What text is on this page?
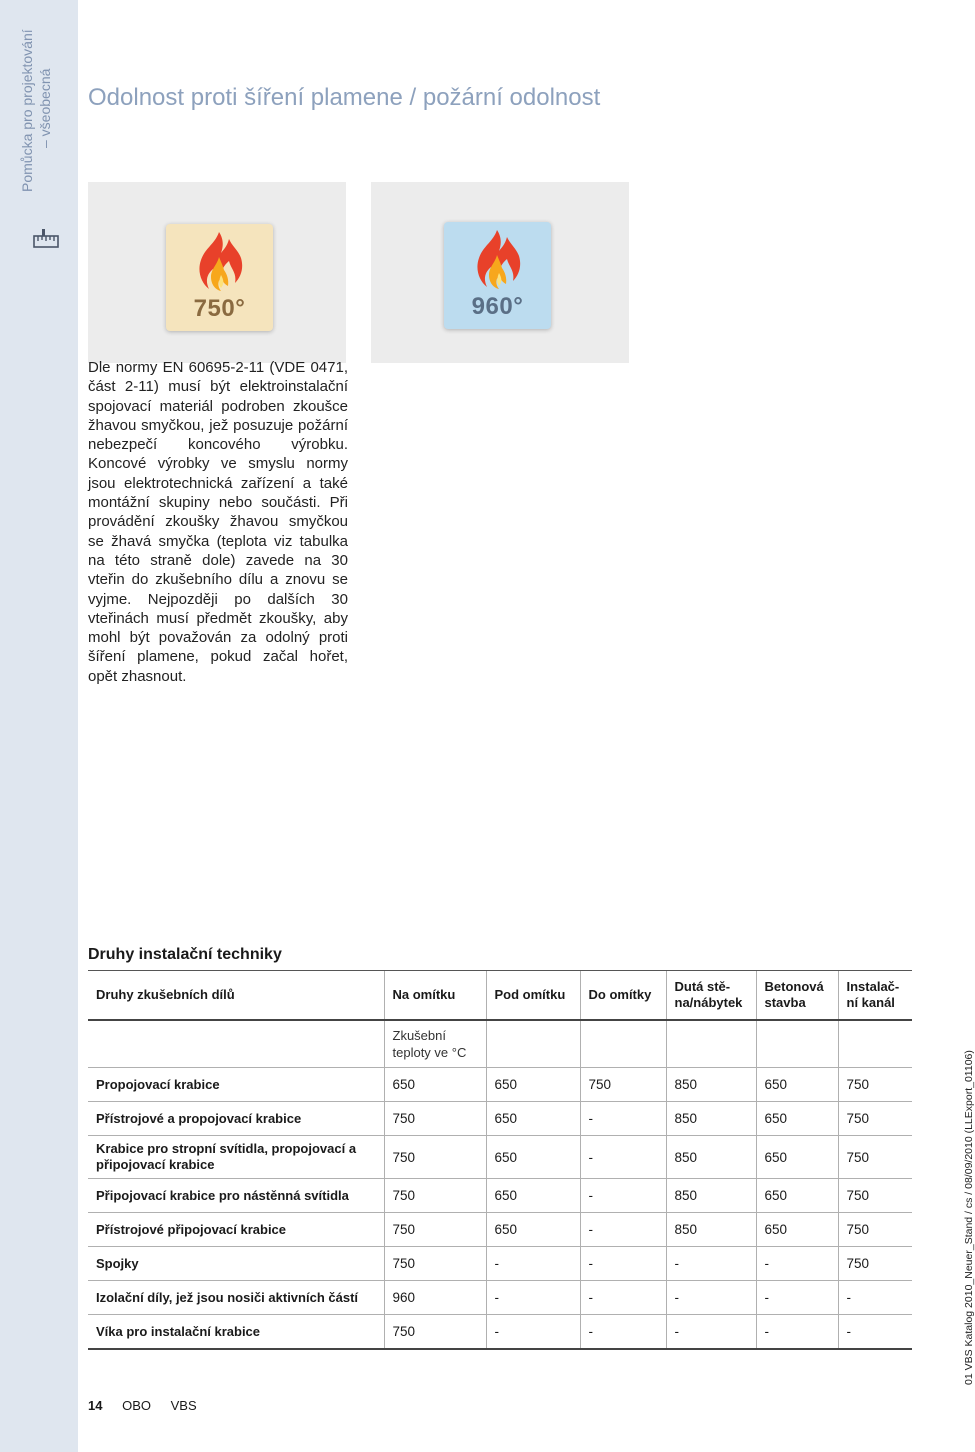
Pomůcka pro projektování – všeobecná Odolnost proti šíření plamene / požární odolnost
750°	960°

Dle normy EN 60695-2-11 (VDE 0471, část 2-11) musí být elektroinstalační spojovací materiál podroben zkoušce žhavou smyčkou, jež posuzuje požární nebezpečí koncového výrobku. Koncové výrobky ve smyslu normy jsou elektrotechnická zařízení a také montážní skupiny nebo součásti. Při provádění zkoušky žhavou smyčkou se žhavá smyčka (teplota viz tabulka na této straně dole) zavede na 30 vteřin do zkušebního dílu a znovu se vyjme. Nejpozději po dalších 30 vteřinách musí předmět zkoušky, aby mohl být považován za odolný proti šíření plamene, pokud začal hořet, opět zhasnout.

Druhy instalační techniky
Druhy zkušebních dílů	Na omítku	Pod omítku	Do omítky	Dutá stě-na/nábytek	Betonová stavba	Instalač-ní kanál

	Zkušební
teploty ve °C					

Propojovací krabice	650	650	750	850	650	750
Přístrojové a propojovací krabice	750	650	-	850	650	750
Krabice pro stropní svítidla, propojovací a připojovací krabice	750	650	-	850	650	750
Připojovací krabice pro nástěnná svítidla	750	650	-	850	650	750
Přístrojové připojovací krabice	750	650	-	850	650	750
Spojky	750	-	-	-	-	750
Izolační díly, jež jsou nosiči aktivních částí	960	-	-	-	-	-
Víka pro instalační krabice	750	-	-	-	-	-
14 OBO VBS
01 VBS Katalog 2010_Neuer_Stand / cs / 08/09/2010 (LLExport_01106)
